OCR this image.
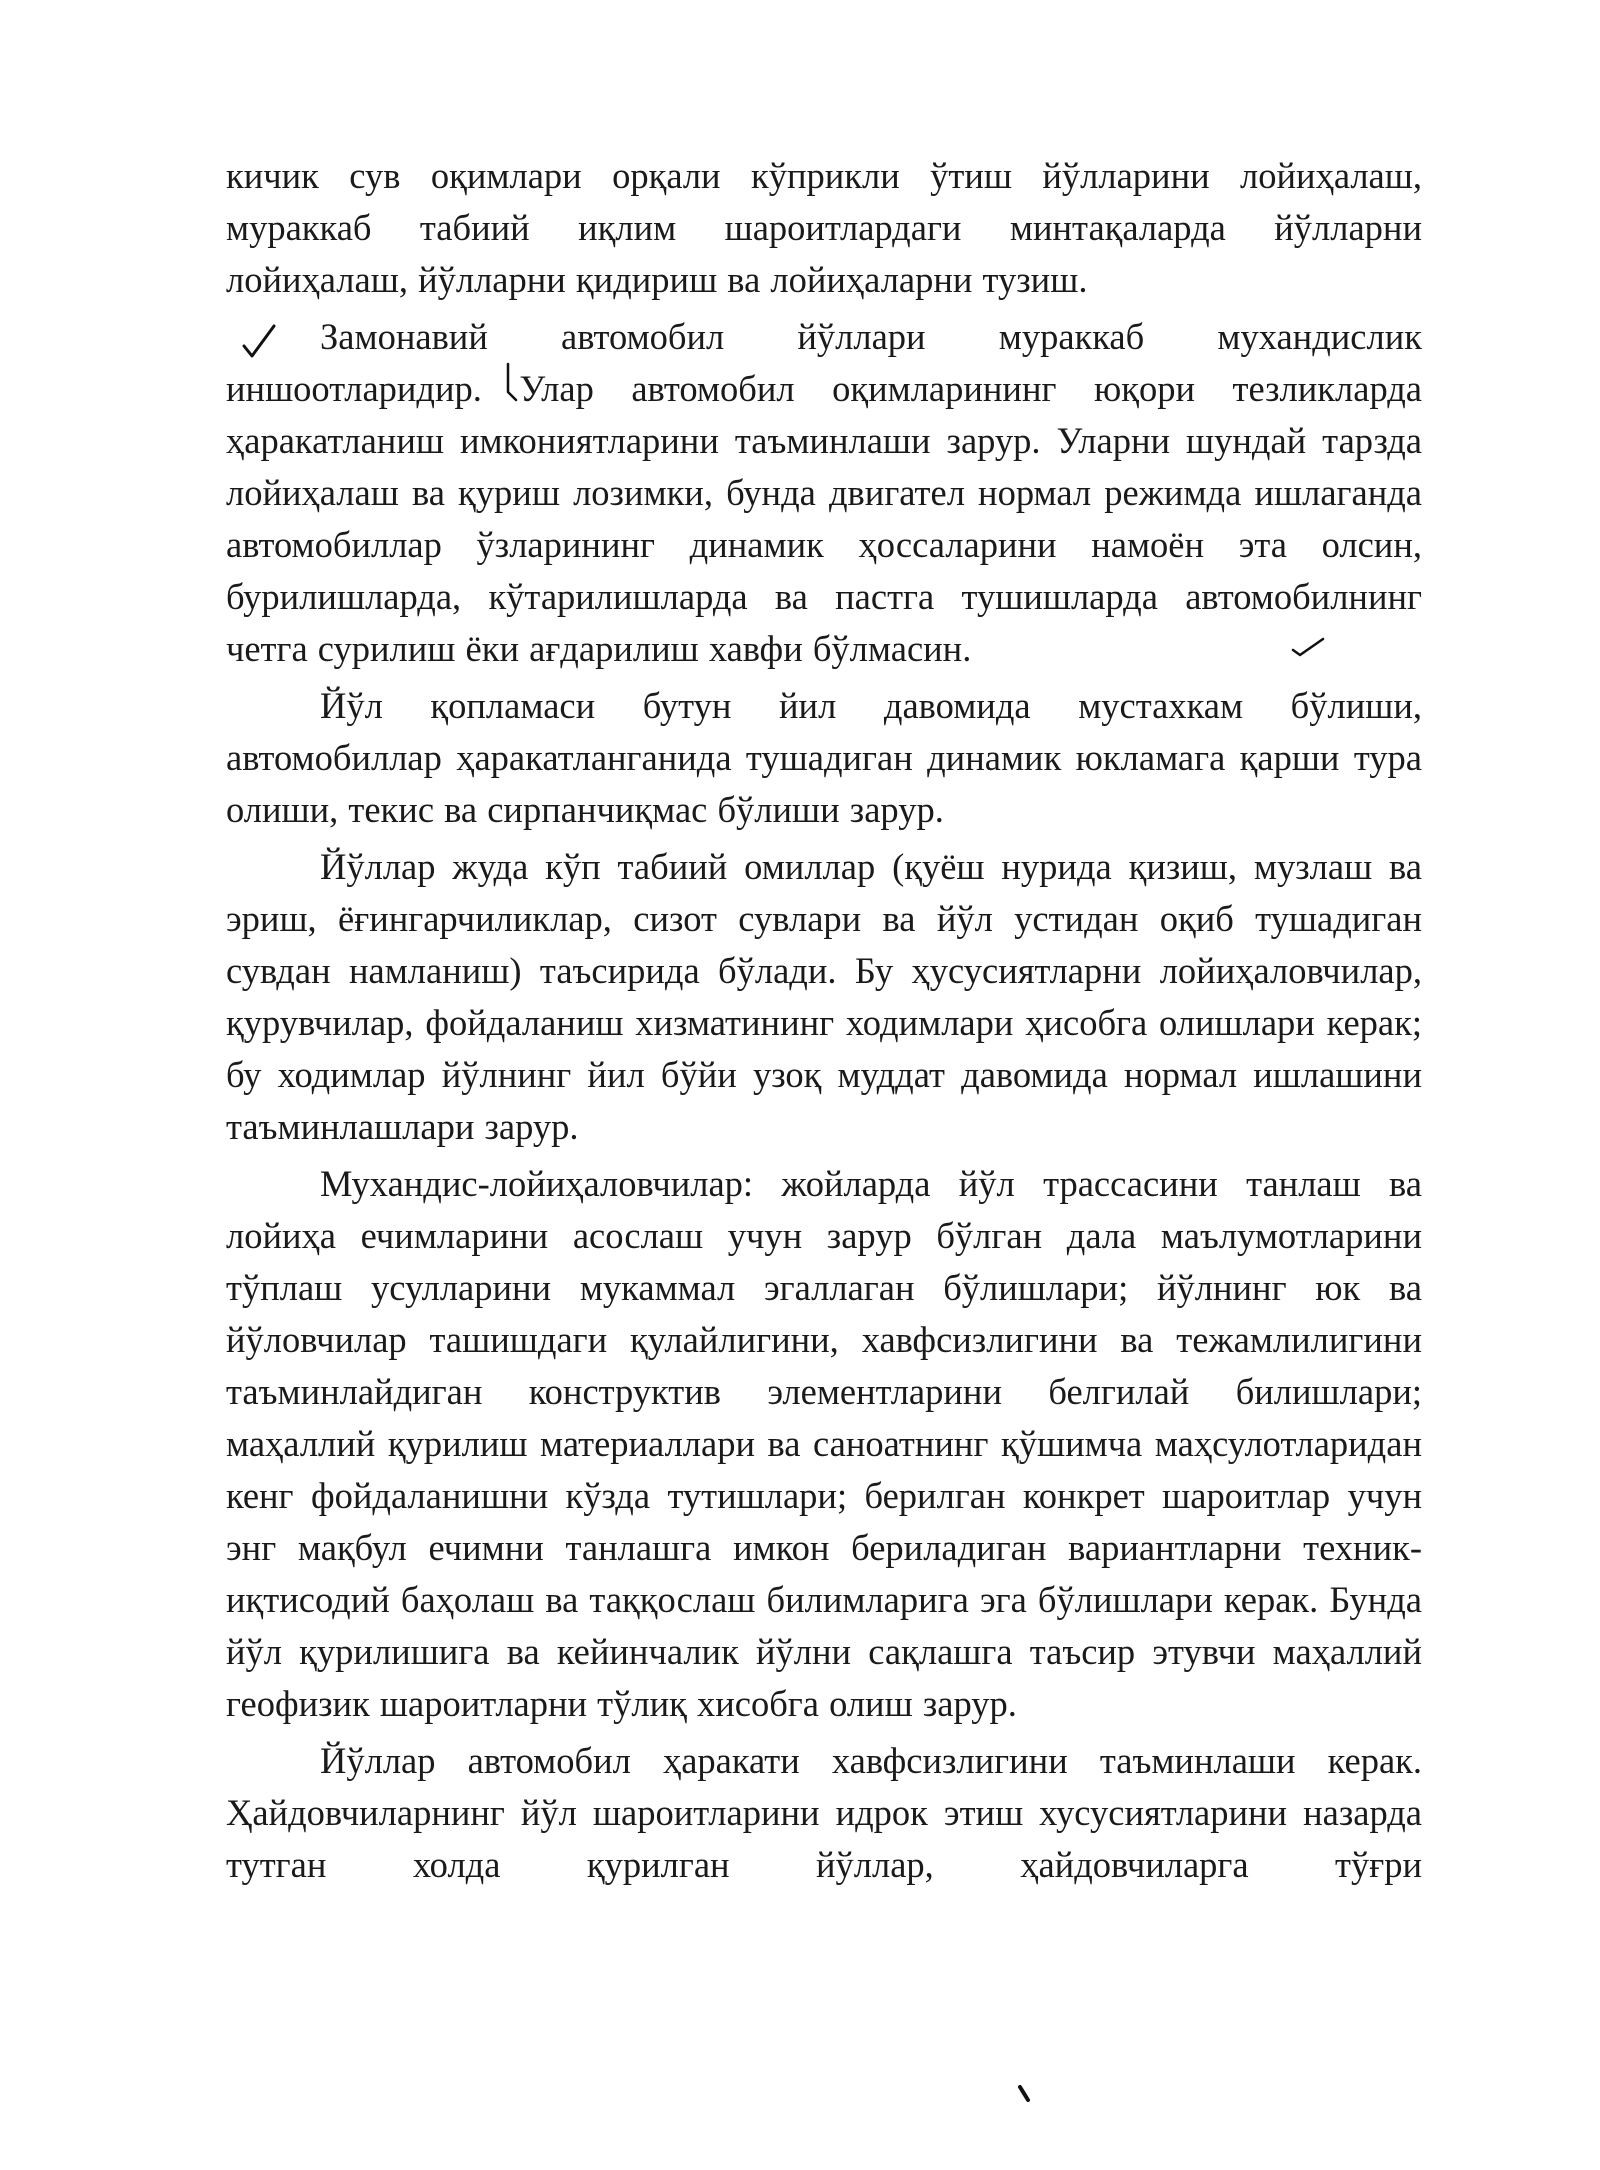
кичик сув оқимлари орқали кўприкли ўтиш йўлларини лойиҳалаш, мураккаб табиий иқлим шароитлардаги минтақаларда йўлларни лойиҳалаш, йўлларни қидириш ва лойиҳаларни тузиш.

Замонавий автомобил йўллари мураккаб мухандислик иншоотларидир. Улар автомобил оқимларининг юқори тезликларда ҳаракатланиш имкониятларини таъминлаши зарур. Уларни шундай тарзда лойиҳалаш ва қуриш лозимки, бунда двигател нормал режимда ишлаганда автомобиллар ўзларининг динамик ҳоссаларини намоён эта олсин, бурилишларда, кўтарилишларда ва пастга тушишларда автомобилнинг четга сурилиш ёки ағдарилиш хавфи бўлмасин.

Йўл қопламаси бутун йил давомида мустахкам бўлиши, автомобиллар ҳаракатланганида тушадиган динамик юкламага қарши тура олиши, текис ва сирпанчиқмас бўлиши зарур.

Йўллар жуда кўп табиий омиллар (қуёш нурида қизиш, музлаш ва эриш, ёғингарчиликлар, сизот сувлари ва йўл устидан оқиб тушадиган сувдан намланиш) таъсирида бўлади. Бу ҳусусиятларни лойиҳаловчилар, қурувчилар, фойдаланиш хизматининг ходимлари ҳисобга олишлари керак; бу ходимлар йўлнинг йил бўйи узоқ муддат давомида нормал ишлашини таъминлашлари зарур.

Мухандис-лойиҳаловчилар: жойларда йўл трассасини танлаш ва лойиҳа ечимларини асослаш учун зарур бўлган дала маълумотларини тўплаш усулларини мукаммал эгаллаган бўлишлари; йўлнинг юк ва йўловчилар ташишдаги қулайлигини, хавфсизлигини ва тежамлилигини таъминлайдиган конструктив элементларини белгилай билишлари; маҳаллий қурилиш материаллари ва саноатнинг қўшимча маҳсулотларидан кенг фойдаланишни кўзда тутишлари; берилган конкрет шароитлар учун энг мақбул ечимни танлашга имкон бериладиган вариантларни техник-иқтисодий баҳолаш ва таққослаш билимларига эга бўлишлари керак. Бунда йўл қурилишига ва кейинчалик йўлни сақлашга таъсир этувчи маҳаллий геофизик шароитларни тўлиқ хисобга олиш зарур.

Йўллар автомобил ҳаракати хавфсизлигини таъминлаши керак. Ҳайдовчиларнинг йўл шароитларини идрок этиш хусусиятларини назарда тутган холда қурилган йўллар, ҳайдовчиларга тўғри
